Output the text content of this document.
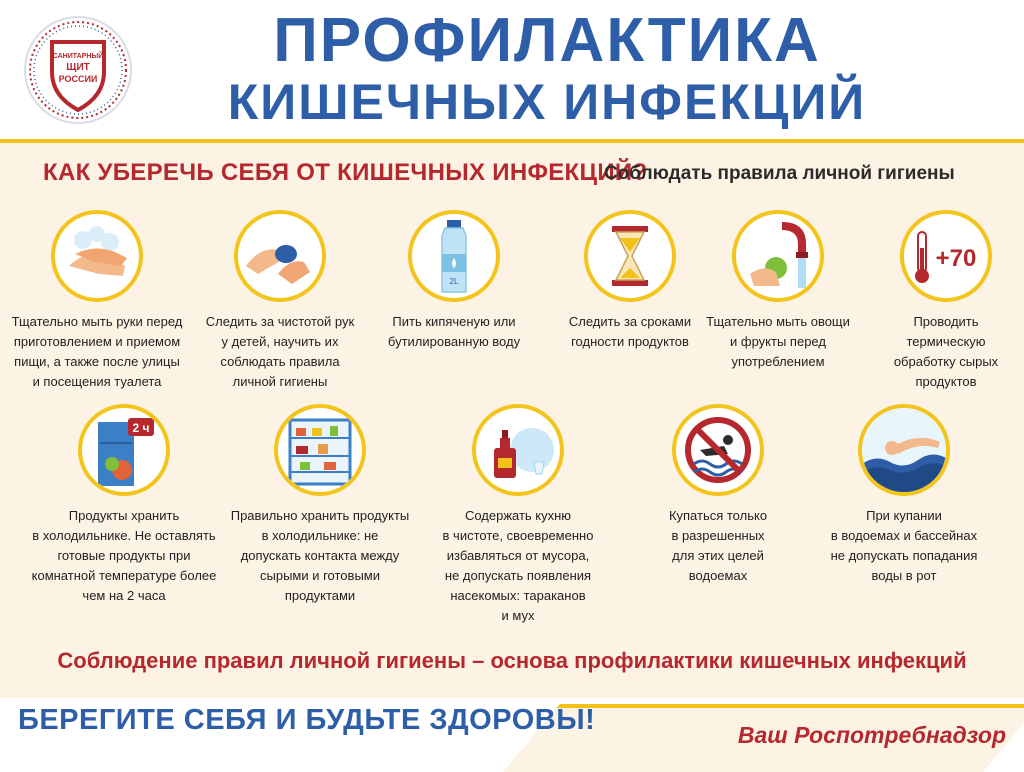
САНИТАРНЫЙ
ЩИТ
РОССИИ
ПРОФИЛАКТИКА
КИШЕЧНЫХ ИНФЕКЦИЙ
КАК УБЕРЕЧЬ СЕБЯ ОТ КИШЕЧНЫХ ИНФЕКЦИЙ?
Соблюдать правила личной гигиены
Тщательно мыть руки перед
приготовлением и приемом
пищи, а также после улицы
и посещения туалета
Следить за чистотой рук
у детей, научить их
соблюдать правила
личной гигиены
2L
Пить кипяченую или
бутилированную воду
Следить за сроками
годности продуктов
Тщательно мыть овощи
и фрукты перед
употреблением
+70
Проводить
термическую
обработку сырых
продуктов
2 ч
Продукты хранить
в холодильнике. Не оставлять
готовые продукты при
комнатной температуре более
чем на 2 часа
Правильно хранить продукты
в холодильнике: не
допускать контакта между
сырыми и готовыми
продуктами
Содержать кухню
в чистоте, своевременно
избавляться от мусора,
не допускать появления
насекомых: тараканов
и мух
Купаться только
в разрешенных
для этих целей
водоемах
При купании
в водоемах и бассейнах
не допускать попадания
воды в рот
Соблюдение правил личной гигиены – основа профилактики кишечных инфекций
БЕРЕГИТЕ СЕБЯ И БУДЬТЕ ЗДОРОВЫ!	Ваш Роспотребнадзор
